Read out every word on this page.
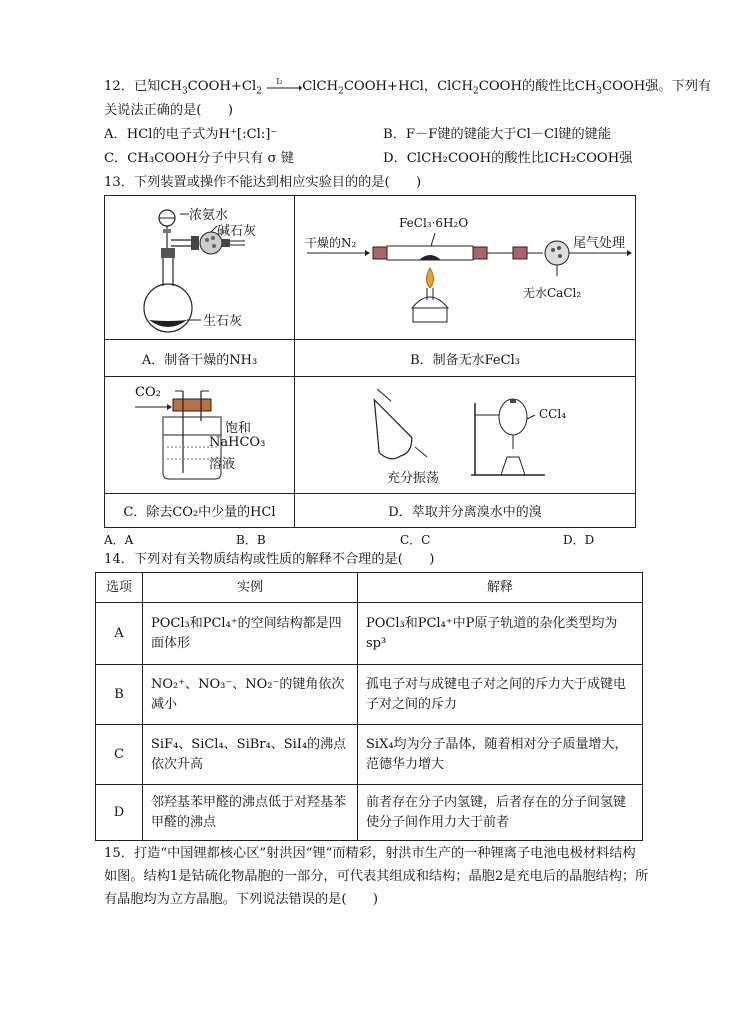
12．已知$CH_3COOH+Cl_2$
I₂ ClCH$_2$COOH+HCl，ClCH$_2$COOH的酸性比$CH_3COOH$强。下列有
关说法正确的是(　　)
A．HCl的电子式为H⁺[:Cl:]⁻	B．F－F键的键能大于Cl－Cl键的键能
C．CH₃COOH分子中只有 σ 键	D．ClCH₂COOH的酸性比ICH₂COOH强
13．下列装置或操作不能达到相应实验目的的是(　　)
浓氨水
碱石灰
生石灰	FeCl₃·6H₂O
干燥的N₂ 尾气处理
无水CaCl₂

A．制备干燥的NH₃	B．制备无水FeCl₃

CO₂
饱和
NaHCO₃
溶液	充分振荡
CCl₄

C．除去CO₂中少量的HCl	D．萃取并分离溴水中的溴
A．A	B．B	C．C	D．D
14．下列对有关物质结构或性质的解释不合理的是(　　)
选项	实例	解释
A	POCl₃和PCl₄⁺的空间结构都是四面体形	POCl₃和PCl₄⁺中P原子轨道的杂化类型均为 sp³
B	NO₂⁺、NO₃⁻、NO₂⁻的键角依次减小	孤电子对与成键电子对之间的斥力大于成键电子对之间的斥力
C	SiF₄、SiCl₄、SiBr₄、SiI₄的沸点依次升高	SiX₄均为分子晶体，随着相对分子质量增大，范德华力增大
D	邻羟基苯甲醛的沸点低于对羟基苯甲醛的沸点	前者存在分子内氢键，后者存在的分子间氢键使分子间作用力大于前者
15．打造“中国锂都核心区”射洪因“锂”而精彩，射洪市生产的一种锂离子电池电极材料结构
如图。结构1是钴硫化物晶胞的一部分，可代表其组成和结构；晶胞2是充电后的晶胞结构；所
有晶胞均为立方晶胞。下列说法错误的是(　　)
